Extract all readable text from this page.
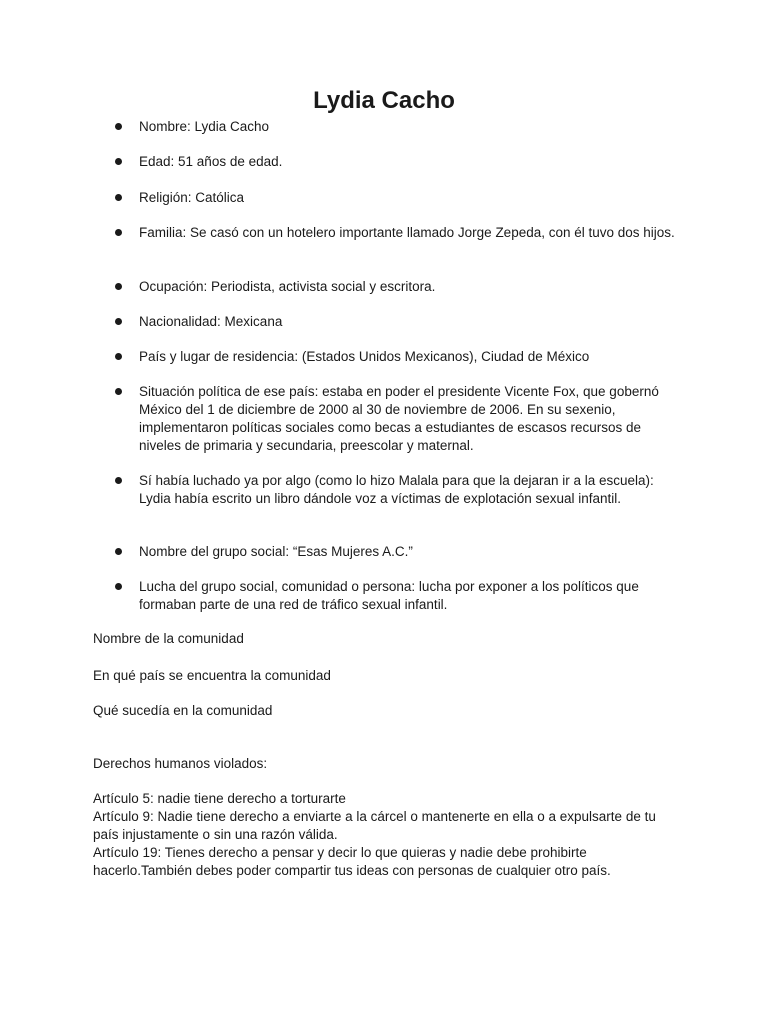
Lydia Cacho
Nombre: Lydia Cacho
Edad: 51 años de edad.
Religión: Católica
Familia: Se casó con un hotelero importante llamado Jorge Zepeda, con él tuvo dos hijos.
Ocupación: Periodista, activista social y escritora.
Nacionalidad: Mexicana
País y lugar de residencia: (Estados Unidos Mexicanos), Ciudad de México
Situación política de ese país: estaba en poder el presidente Vicente Fox, que gobernó México del 1 de diciembre de 2000 al 30 de noviembre de 2006. En su sexenio, implementaron políticas sociales como becas a estudiantes de escasos recursos de niveles de primaria y secundaria, preescolar y maternal.
Sí había luchado ya por algo (como lo hizo Malala para que la dejaran ir a la escuela): Lydia había escrito un libro dándole voz a víctimas de explotación sexual infantil.
Nombre del grupo social: “Esas Mujeres A.C.”
Lucha del grupo social, comunidad o persona: lucha por exponer a los políticos que formaban parte de una red de tráfico sexual infantil.

Nombre de la comunidad

En qué país se encuentra la comunidad

Qué sucedía en la comunidad

Derechos humanos violados:

Artículo 5: nadie tiene derecho a torturarte

Artículo 9: Nadie tiene derecho a enviarte a la cárcel o mantenerte en ella o a expulsarte de tu país injustamente o sin una razón válida.

Artículo 19: Tienes derecho a pensar y decir lo que quieras y nadie debe prohibirte hacerlo.También debes poder compartir tus ideas con personas de cualquier otro país.
